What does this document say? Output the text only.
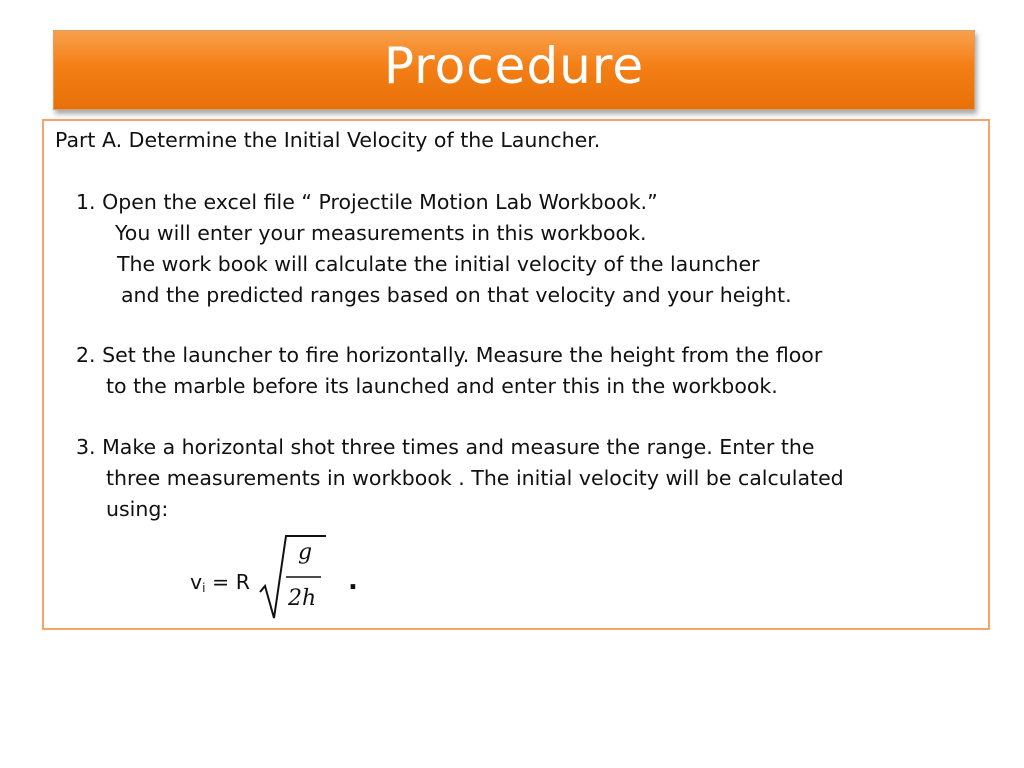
Procedure
Part A. Determine the Initial Velocity of the Launcher.
1. Open the excel file “ Projectile Motion Lab Workbook.”
You will enter your measurements in this workbook.
The work book will calculate the initial velocity of the launcher
and the predicted ranges based on that velocity and your height.
2. Set the launcher to fire horizontally. Measure the height from the floor
to the marble before its launched and enter this in the workbook.
3. Make a horizontal shot three times and measure the range. Enter the
three measurements in workbook . The initial velocity will be calculated
using:
$v_i = R$
g
2h
.
